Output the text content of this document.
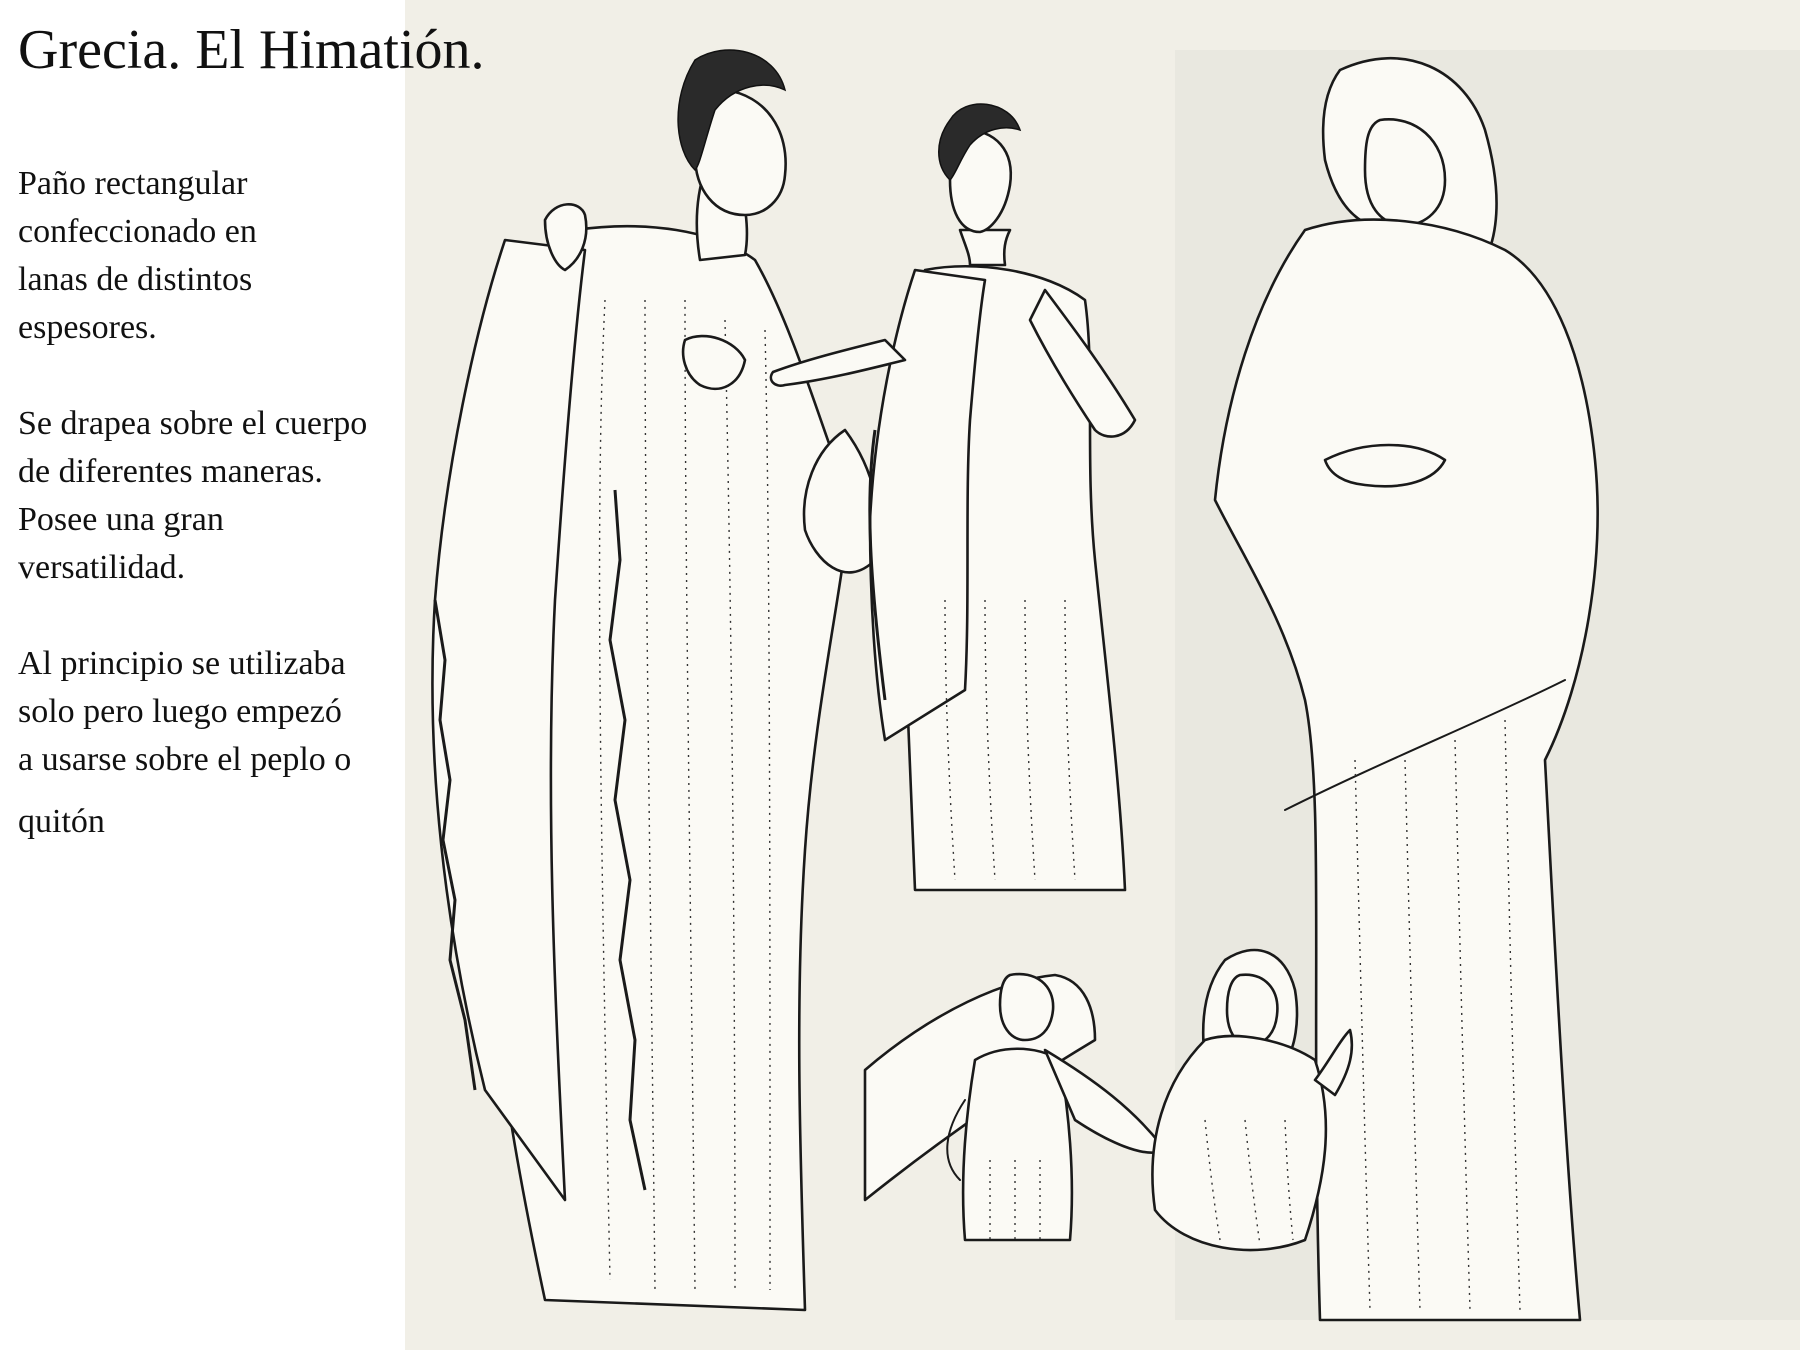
Grecia. El Himatión.

Paño rectangular
confeccionado en
lanas de distintos
espesores.

Se drapea sobre el cuerpo
de diferentes maneras.
Posee una gran
versatilidad.

Al principio se utilizaba
solo pero luego empezó
a usarse sobre el peplo o

quitón
